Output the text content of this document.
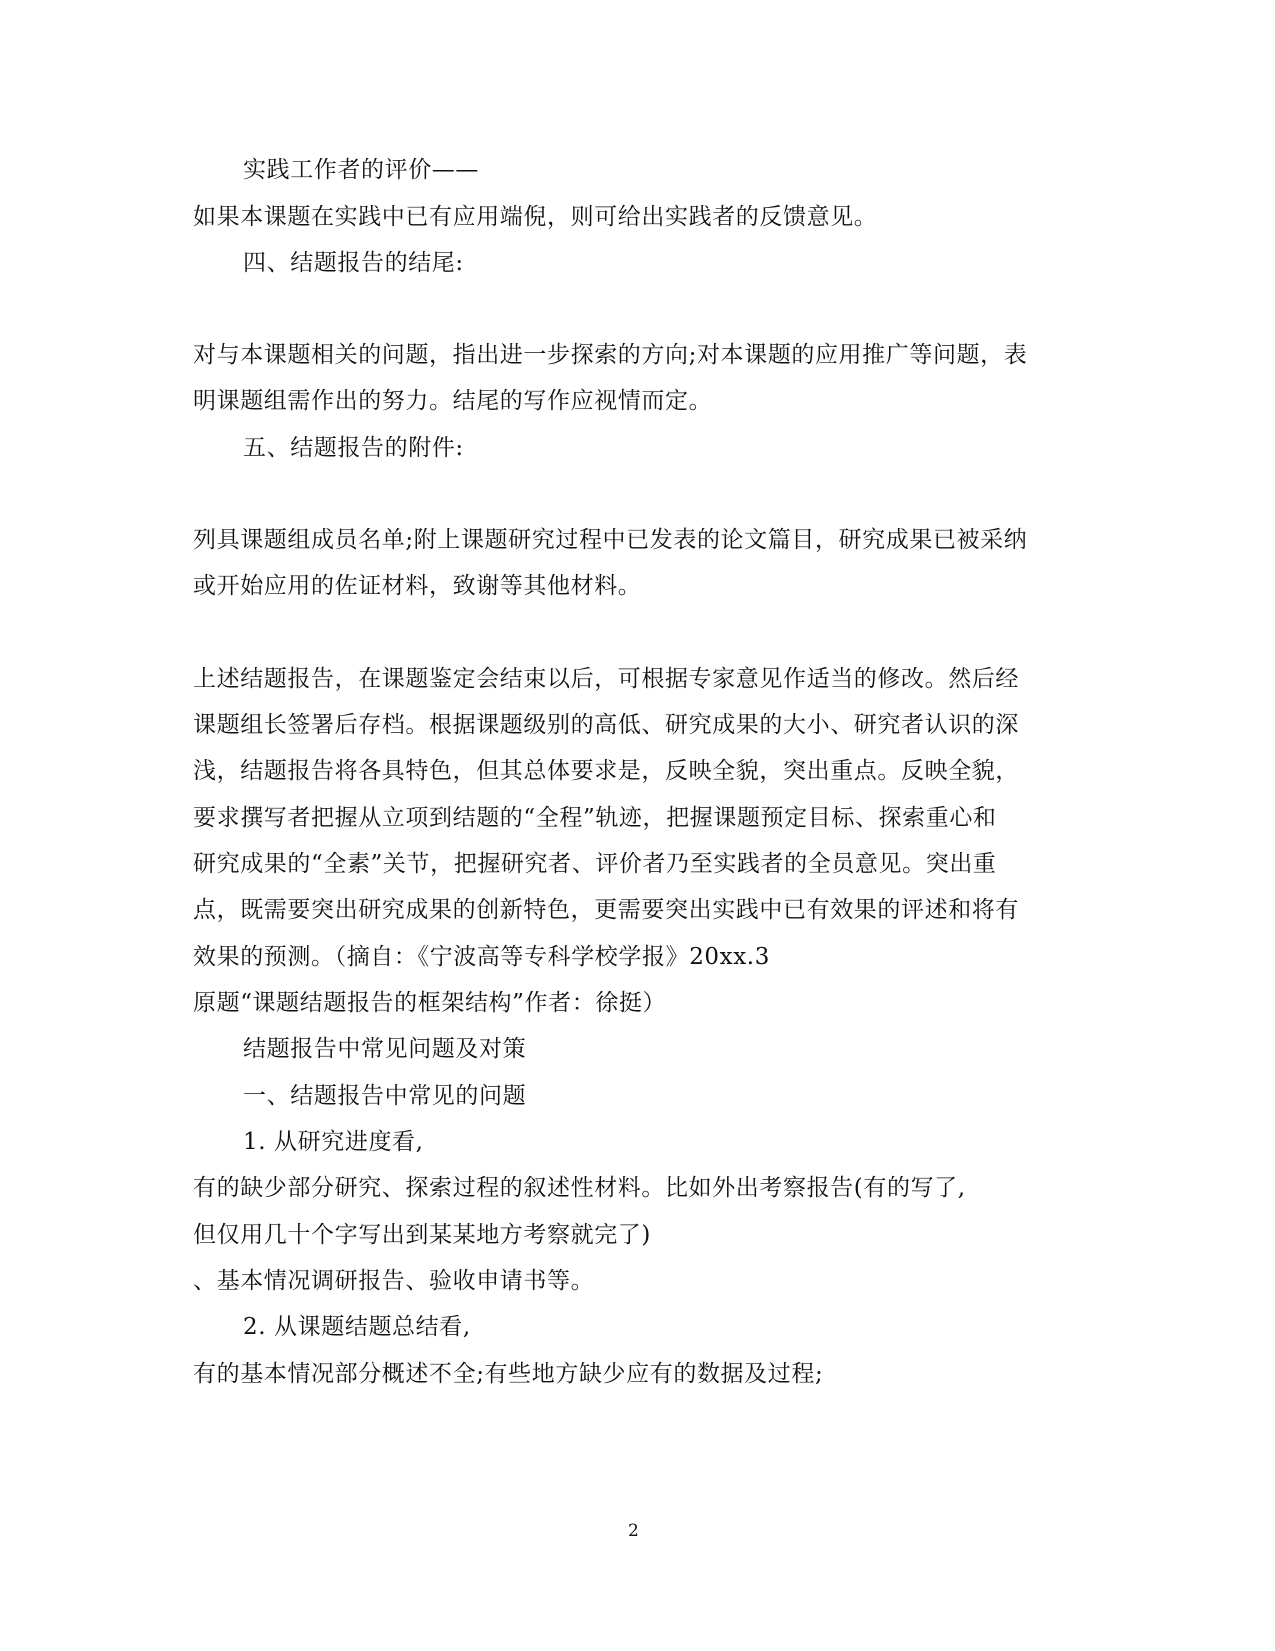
实践工作者的评价——
如果本课题在实践中已有应用端倪，则可给出实践者的反馈意见。
四、结题报告的结尾:
对与本课题相关的问题，指出进一步探索的方向;对本课题的应用推广等问题，表
明课题组需作出的努力。结尾的写作应视情而定。
五、结题报告的附件:
列具课题组成员名单;附上课题研究过程中已发表的论文篇目，研究成果已被采纳
或开始应用的佐证材料，致谢等其他材料。
上述结题报告，在课题鉴定会结束以后，可根据专家意见作适当的修改。然后经
课题组长签署后存档。根据课题级别的高低、研究成果的大小、研究者认识的深
浅，结题报告将各具特色，但其总体要求是，反映全貌，突出重点。反映全貌，
要求撰写者把握从立项到结题的“全程”轨迹，把握课题预定目标、探索重心和
研究成果的“全素”关节，把握研究者、评价者乃至实践者的全员意见。突出重
点，既需要突出研究成果的创新特色，更需要突出实践中已有效果的评述和将有
效果的预测。（摘自：《宁波高等专科学校学报》20xx.3
原题“课题结题报告的框架结构”作者：徐挺）
结题报告中常见问题及对策
一、结题报告中常见的问题
1. 从研究进度看,
有的缺少部分研究、探索过程的叙述性材料。比如外出考察报告(有的写了,
但仅用几十个字写出到某某地方考察就完了)
、基本情况调研报告、验收申请书等。
2. 从课题结题总结看,
有的基本情况部分概述不全;有些地方缺少应有的数据及过程;
2
